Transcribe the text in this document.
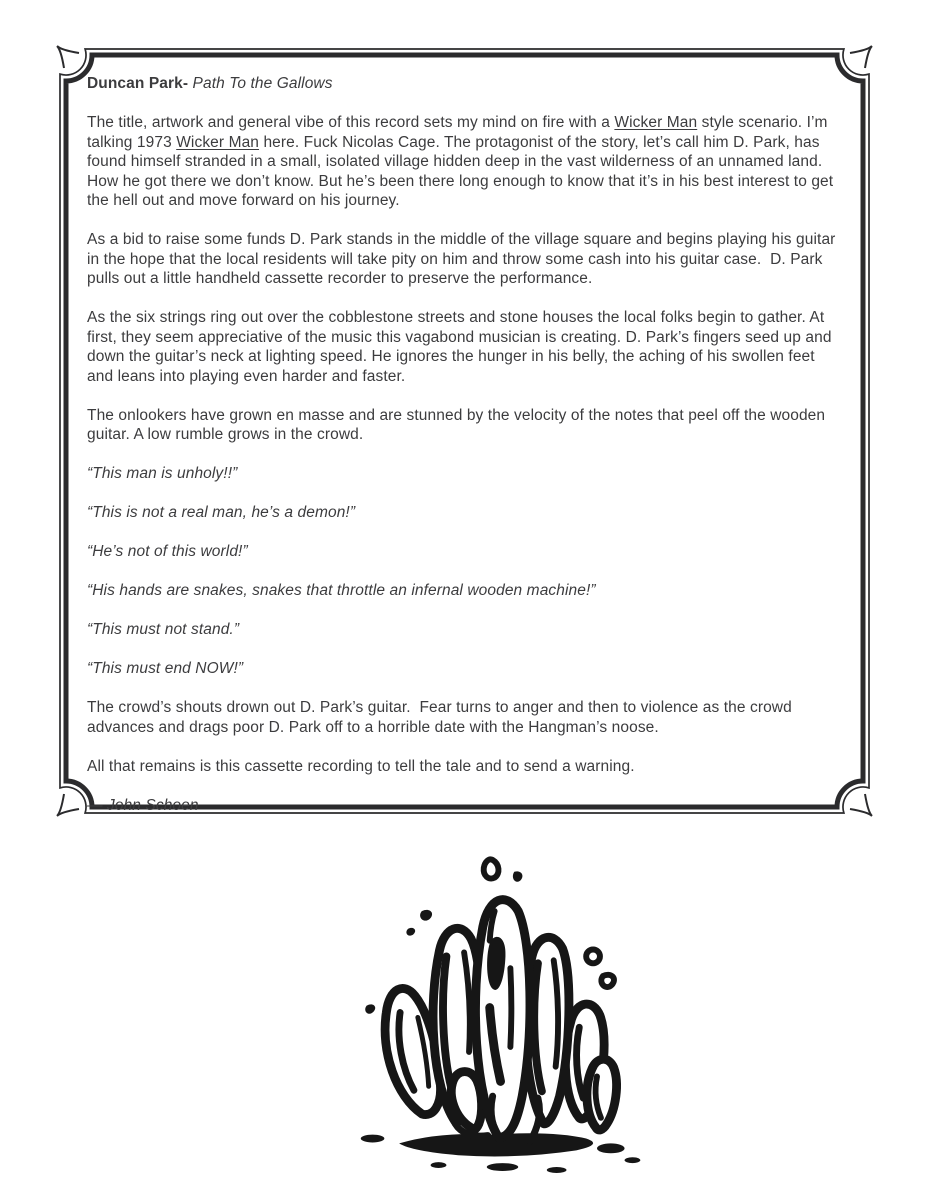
Duncan Park- Path To the Gallows

The title, artwork and general vibe of this record sets my mind on fire with a Wicker Man style scenario. I’m talking 1973 Wicker Man here. Fuck Nicolas Cage. The protagonist of the story, let’s call him D. Park, has found himself stranded in a small, isolated village hidden deep in the vast wilderness of an unnamed land. How he got there we don’t know. But he’s been there long enough to know that it’s in his best interest to get the hell out and move forward on his journey.

As a bid to raise some funds D. Park stands in the middle of the village square and begins playing his guitar in the hope that the local residents will take pity on him and throw some cash into his guitar case.  D. Park pulls out a little handheld cassette recorder to preserve the performance.

As the six strings ring out over the cobblestone streets and stone houses the local folks begin to gather. At first, they seem appreciative of the music this vagabond musician is creating. D. Park’s fingers seed up and down the guitar’s neck at lighting speed. He ignores the hunger in his belly, the aching of his swollen feet and leans into playing even harder and faster.

The onlookers have grown en masse and are stunned by the velocity of the notes that peel off the wooden guitar. A low rumble grows in the crowd.

“This man is unholy!!”

“This is not a real man, he’s a demon!”

“He’s not of this world!”

“His hands are snakes, snakes that throttle an infernal wooden machine!”

“This must not stand.”

“This must end NOW!”

The crowd’s shouts drown out D. Park’s guitar.  Fear turns to anger and then to violence as the crowd advances and drags poor D. Park off to a horrible date with the Hangman’s noose.

All that remains is this cassette recording to tell the tale and to send a warning.

— John Schoen
